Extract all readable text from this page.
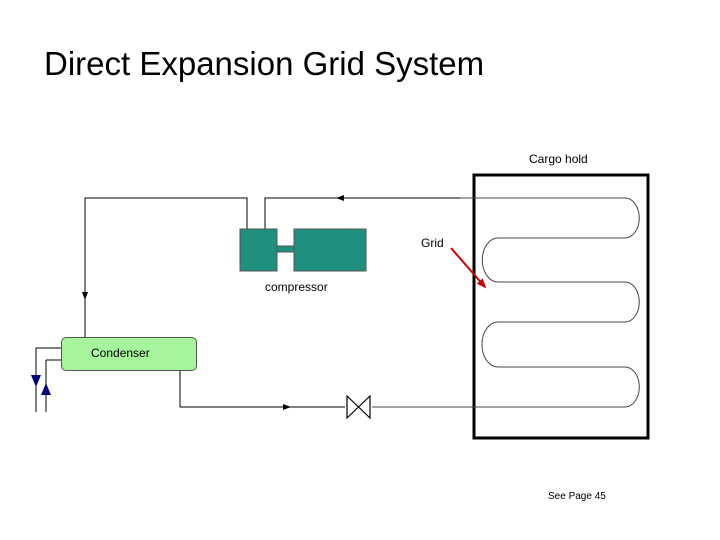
Direct Expansion Grid System
Condenser
Cargo hold
Grid
compressor
See Page 45
